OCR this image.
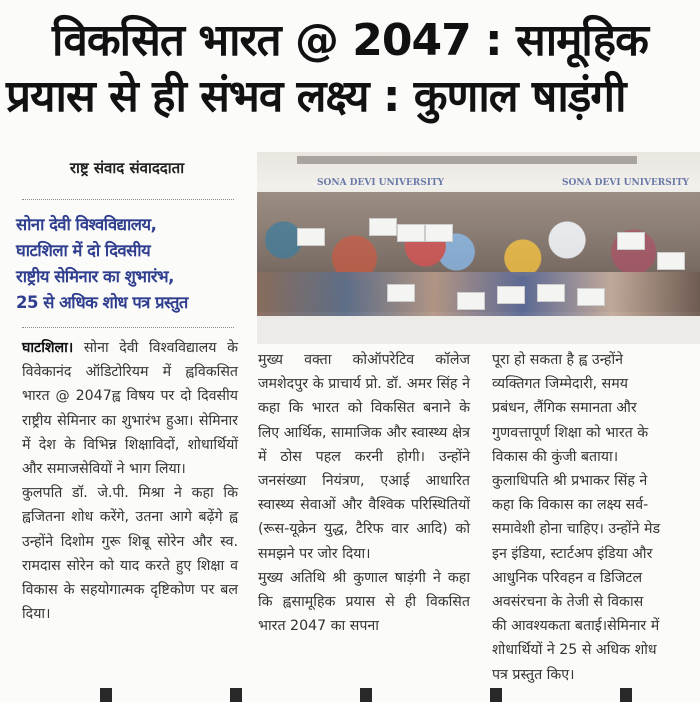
विकसित भारत @ 2047 : सामूहिक
प्रयास से ही संभव लक्ष्य : कुणाल षाड़ंगी
राष्ट्र संवाद संवाददाता
सोना देवी विश्वविद्यालय,
घाटशिला में दो दिवसीय
राष्ट्रीय सेमिनार का शुभारंभ,
25 से अधिक शोध पत्र प्रस्तुत
SONA DEVI UNIVERSITY	SONA DEVI UNIVERSITY

घाटशिला। सोना देवी विश्वविद्यालय के विवेकानंद ऑडिटोरियम में ह्वविकसित भारत @ 2047ह्व विषय पर दो दिवसीय राष्ट्रीय सेमिनार का शुभारंभ हुआ। सेमिनार में देश के विभिन्न शिक्षाविदों, शोधार्थियों और समाजसेवियों ने भाग लिया।

कुलपति डॉ. जे.पी. मिश्रा ने कहा कि ह्वजितना शोध करेंगे, उतना आगे बढ़ेंगे ह्व उन्होंने दिशोम गुरू शिबू सोरेन और स्व. रामदास सोरेन को याद करते हुए शिक्षा व विकास के सहयोगात्मक दृष्टिकोण पर बल दिया।

मुख्य वक्ता कोऑपरेटिव कॉलेज जमशेदपुर के प्राचार्य प्रो. डॉ. अमर सिंह ने कहा कि भारत को विकसित बनाने के लिए आर्थिक, सामाजिक और स्वास्थ्य क्षेत्र में ठोस पहल करनी होगी। उन्होंने जनसंख्या नियंत्रण, एआई आधारित स्वास्थ्य सेवाओं और वैश्विक परिस्थितियों (रूस-यूक्रेन युद्ध, टैरिफ वार आदि) को समझने पर जोर दिया।

मुख्य अतिथि श्री कुणाल षाड़ंगी ने कहा कि ह्वसामूहिक प्रयास से ही विकसित भारत 2047 का सपना

पूरा हो सकता है ह्व उन्होंने
व्यक्तिगत जिम्मेदारी, समय
प्रबंधन, लैंगिक समानता और
गुणवत्तापूर्ण शिक्षा को भारत के
विकास की कुंजी बताया।
कुलाधिपति श्री प्रभाकर सिंह ने
कहा कि विकास का लक्ष्य सर्व-
समावेशी होना चाहिए। उन्होंने मेड
इन इंडिया, स्टार्टअप इंडिया और
आधुनिक परिवहन व डिजिटल
अवसंरचना के तेजी से विकास
की आवश्यकता बताई।सेमिनार में
शोधार्थियों ने 25 से अधिक शोध
पत्र प्रस्तुत किए।
